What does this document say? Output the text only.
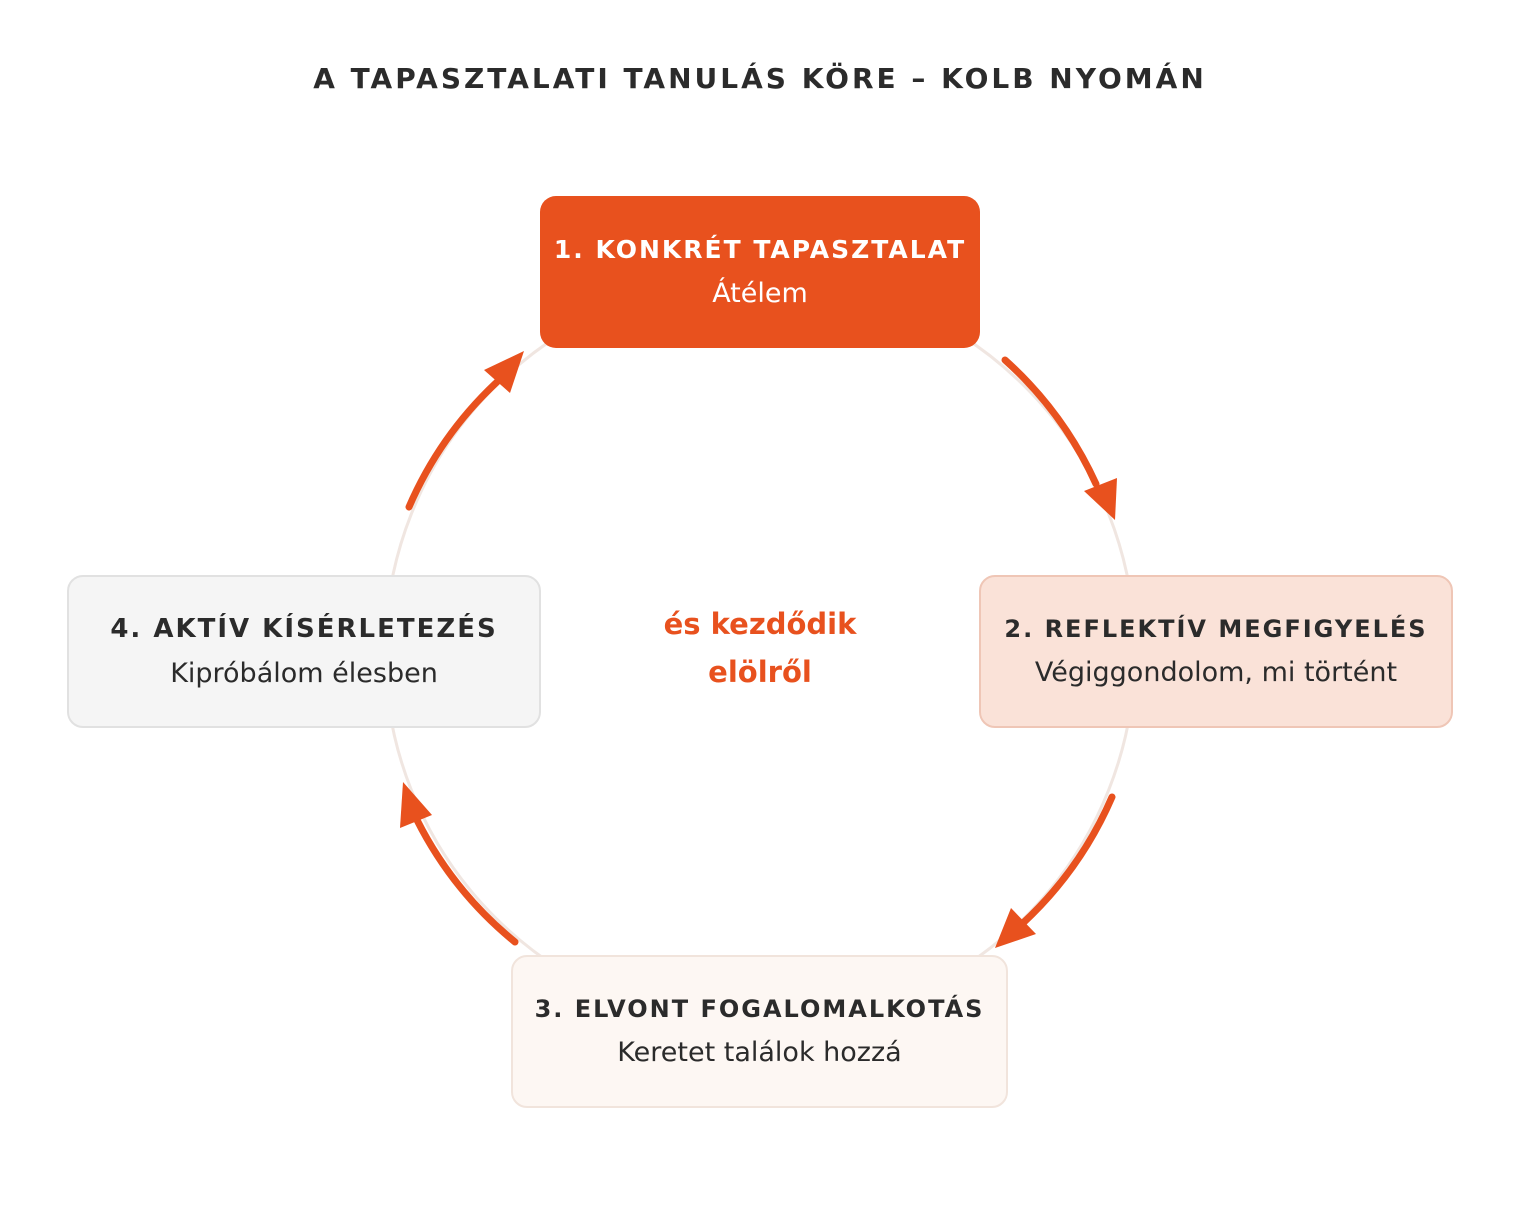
A TAPASZTALATI TANULÁS KÖRE – KOLB NYOMÁN
1. KONKRÉT TAPASZTALAT
Átélem
2. REFLEKTÍV MEGFIGYELÉS
Végiggondolom, mi történt
3. ELVONT FOGALOMALKOTÁS
Keretet találok hozzá
4. AKTÍV KÍSÉRLETEZÉS
Kipróbálom élesben
és kezdődik
elölről
